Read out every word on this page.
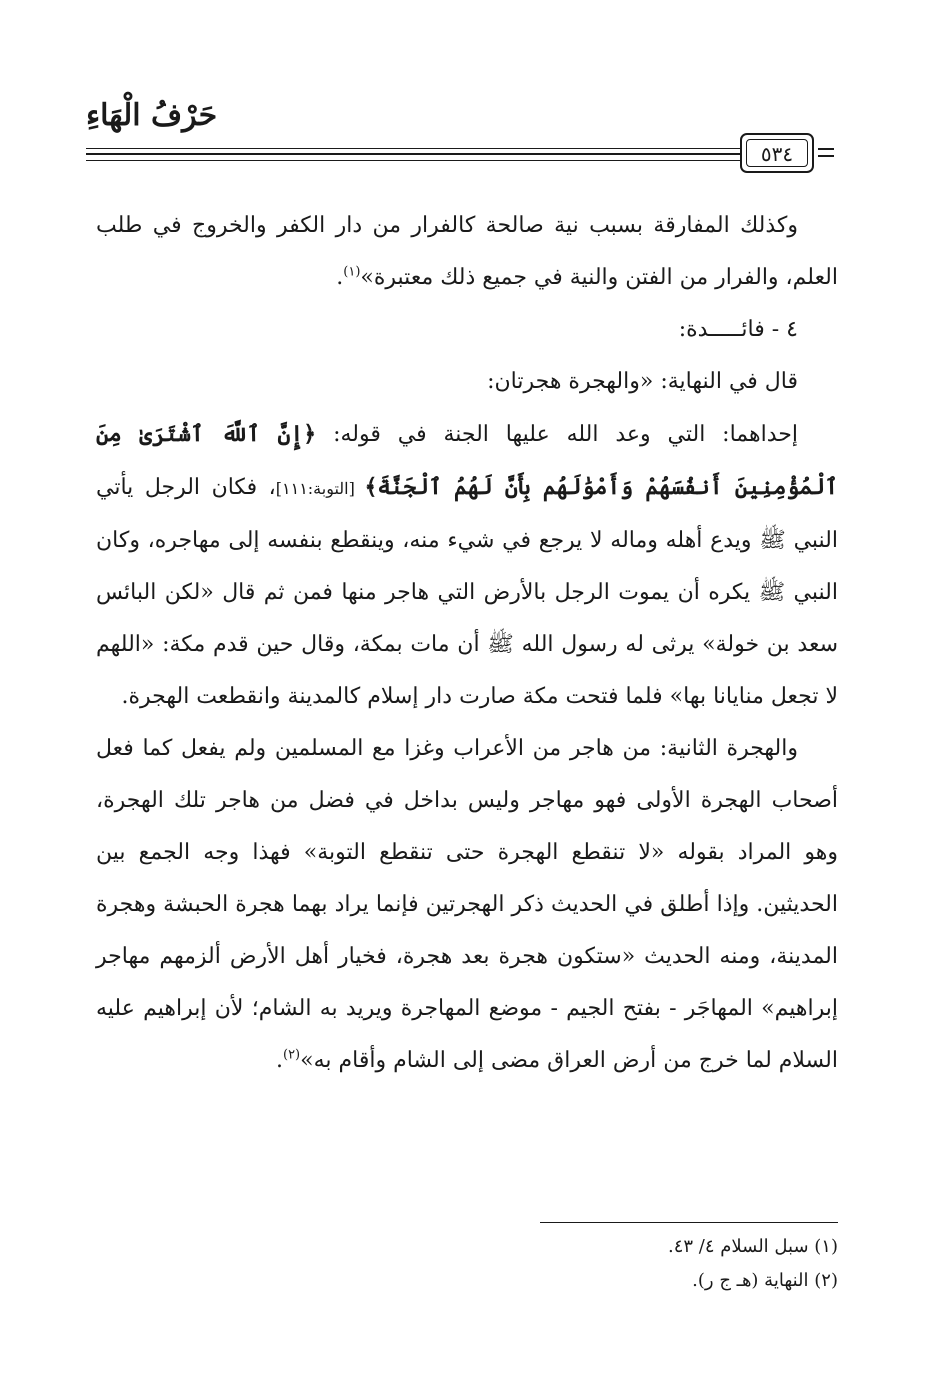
حَرْفُ الْهَاءِ
٥٣٤

وكذلك المفارقة بسبب نية صالحة كالفرار من دار الكفر والخروج في طلب العلم، والفرار من الفتن والنية في جميع ذلك معتبرة»$^{(١)}$.

٤ - فائـــــدة:

قال في النهاية: «والهجرة هجرتان:

إحداهما: التي وعد الله عليها الجنة في قوله: ﴿إِنَّ ٱللَّهَ ٱشْتَرَىٰ مِنَ ٱلْمُؤْمِنِينَ أَنفُسَهُمْ وَأَمْوَٰلَهُم بِأَنَّ لَهُمُ ٱلْجَنَّةَ﴾ [التوبة:١١١]، فكان الرجل يأتي النبي ﷺ ويدع أهله وماله لا يرجع في شيء منه، وينقطع بنفسه إلى مهاجره، وكان النبي ﷺ يكره أن يموت الرجل بالأرض التي هاجر منها فمن ثم قال «لكن البائس سعد بن خولة» يرثى له رسول الله ﷺ أن مات بمكة، وقال حين قدم مكة: «اللهم لا تجعل منايانا بها» فلما فتحت مكة صارت دار إسلام كالمدينة وانقطعت الهجرة.

والهجرة الثانية: من هاجر من الأعراب وغزا مع المسلمين ولم يفعل كما فعل أصحاب الهجرة الأولى فهو مهاجر وليس بداخل في فضل من هاجر تلك الهجرة، وهو المراد بقوله «لا تنقطع الهجرة حتى تنقطع التوبة» فهذا وجه الجمع بين الحديثين. وإذا أطلق في الحديث ذكر الهجرتين فإنما يراد بهما هجرة الحبشة وهجرة المدينة، ومنه الحديث «ستكون هجرة بعد هجرة، فخيار أهل الأرض ألزمهم مهاجر إبراهيم» المهاجَر - بفتح الجيم - موضع المهاجرة ويريد به الشام؛ لأن إبراهيم عليه السلام لما خرج من أرض العراق مضى إلى الشام وأقام به»$^{(٢)}$.

(١) سبل السلام ٤/ ٤٣.
(٢) النهاية (هـ ج ر).
